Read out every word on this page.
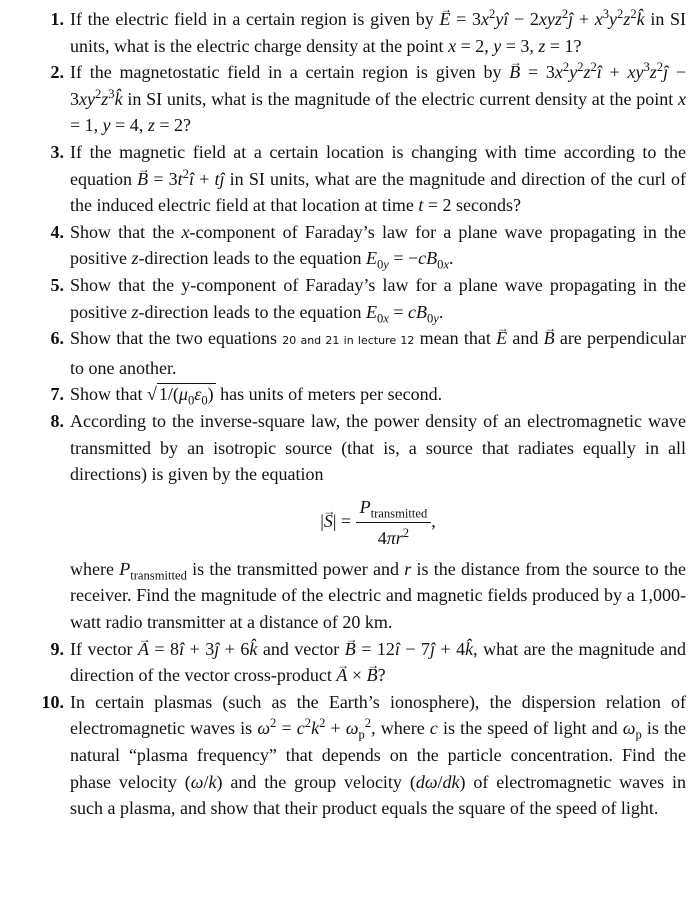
1. If the electric field in a certain region is given by → $E = 3x^2yî$ − 2xyz$^2$ĵ + $x^3y^2z^2k̂$ in SI units, what is the electric charge density at the point x = 2, y = 3, z = 1?
2. If the magnetostatic field in a certain region is given by → $B = 3x^2y^2z^2î$ + $xy^3z^2ĵ$ − $3xy^2z^3k̂$ in SI units, what is the magnitude of the electric current density at the point x = 1, y = 4, z = 2?
3. If the magnetic field at a certain location is changing with time according to the equation → $B = 3t^2î$ + tĵ in SI units, what are the magnitude and direction of the curl of the induced electric field at that location at time t = 2 seconds?
4. Show that the x-component of Faraday’s law for a plane wave propagating in the positive z-direction leads to the equation $E_{0y} = -cB_{0x}$.
5. Show that the y-component of Faraday’s law for a plane wave propagating in the positive z-direction leads to the equation $E_{0x} = cB_{0y}$.
6. Show that the two equations 20 and 21 in lecture 12 mean that → E and → B are perpendicular to one another.
7. Show that √ $1/(\mu_0\varepsilon_0)$ has units of meters per second.
8. According to the inverse-square law, the power density of an electromagnetic wave transmitted by an isotropic source (that is, a source that radiates equally in all directions) is given by the equation
|→ $S| = \frac{P_{transmitted}}{4\pi r^2}$ ,
where $P_{transmitted}$ is the transmitted power and r is the distance from the source to the receiver. Find the magnitude of the electric and magnetic fields produced by a 1,000-watt radio transmitter at a distance of 20 km.
9. If vector → A = 8î + 3ĵ + 6k̂ and vector → B = 12î − 7ĵ + 4k̂, what are the magnitude and direction of the vector cross-product → A × → B?
10. In certain plasmas (such as the Earth’s ionosphere), the dispersion relation of electromagnetic waves is $\omega^2 = c^2k^2 + \omega_p^2$, where c is the speed of light and $\omega_p$ is the natural “plasma frequency” that depends on the particle concentration. Find the phase velocity (ω/k) and the group velocity (dω/dk) of electromagnetic waves in such a plasma, and show that their product equals the square of the speed of light.
